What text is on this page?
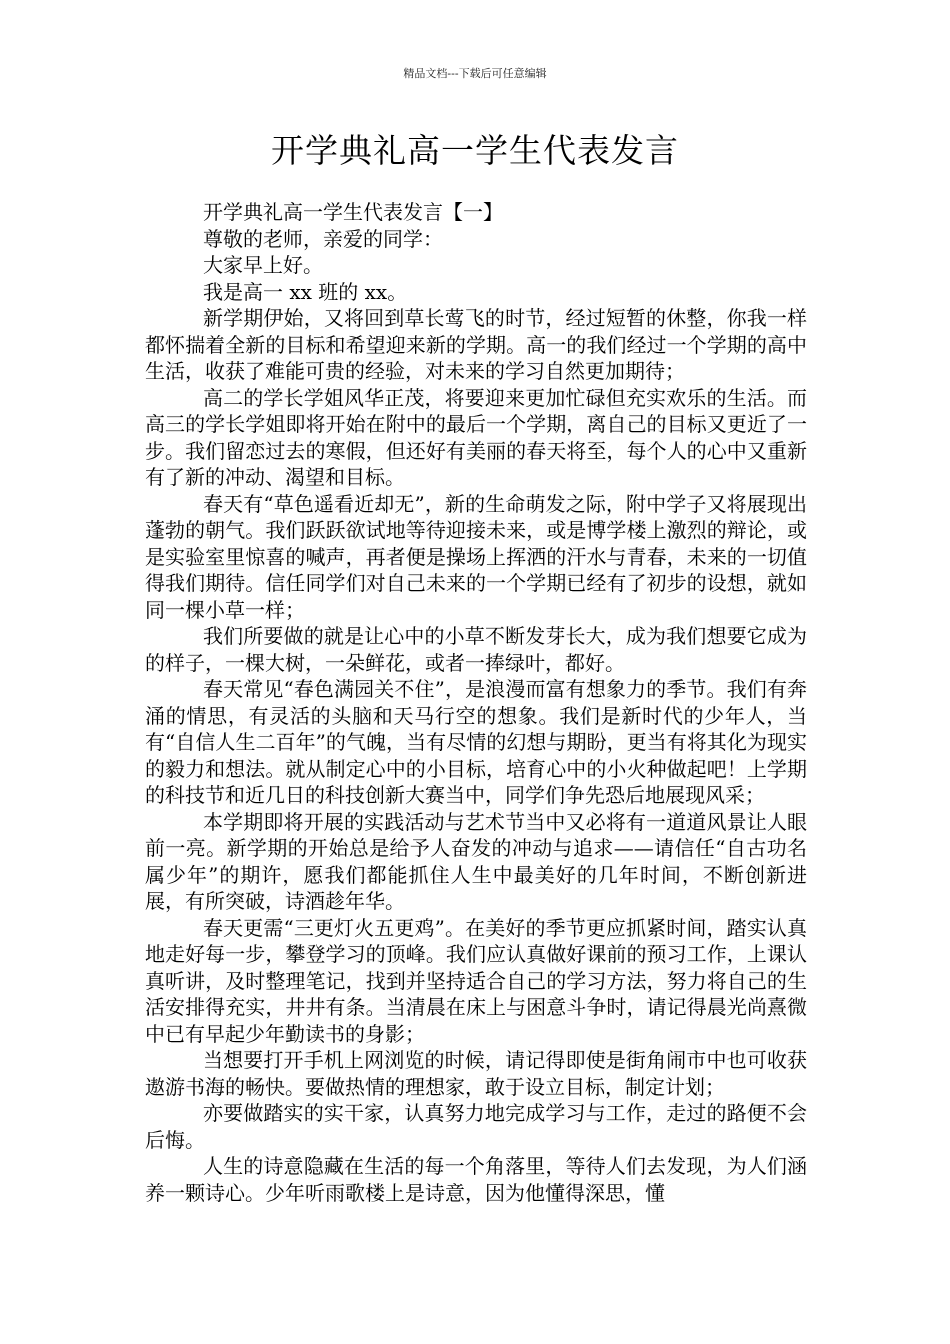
精品文档---下载后可任意编辑
开学典礼高一学生代表发言

开学典礼高一学生代表发言【一】

尊敬的老师，亲爱的同学：

大家早上好。

我是高一 xx 班的 xx。

新学期伊始，又将回到草长莺飞的时节，经过短暂的休整，你我一样都怀揣着全新的目标和希望迎来新的学期。高一的我们经过一个学期的高中生活，收获了难能可贵的经验，对未来的学习自然更加期待；

高二的学长学姐风华正茂，将要迎来更加忙碌但充实欢乐的生活。而高三的学长学姐即将开始在附中的最后一个学期，离自己的目标又更近了一步。我们留恋过去的寒假，但还好有美丽的春天将至，每个人的心中又重新有了新的冲动、渴望和目标。

春天有“草色遥看近却无”，新的生命萌发之际，附中学子又将展现出蓬勃的朝气。我们跃跃欲试地等待迎接未来，或是博学楼上激烈的辩论，或是实验室里惊喜的喊声，再者便是操场上挥洒的汗水与青春，未来的一切值得我们期待。信任同学们对自己未来的一个学期已经有了初步的设想，就如同一棵小草一样；

我们所要做的就是让心中的小草不断发芽长大，成为我们想要它成为的样子，一棵大树，一朵鲜花，或者一捧绿叶，都好。

春天常见“春色满园关不住”，是浪漫而富有想象力的季节。我们有奔涌的情思，有灵活的头脑和天马行空的想象。我们是新时代的少年人，当有“自信人生二百年”的气魄，当有尽情的幻想与期盼，更当有将其化为现实的毅力和想法。就从制定心中的小目标，培育心中的小火种做起吧！上学期的科技节和近几日的科技创新大赛当中，同学们争先恐后地展现风采；

本学期即将开展的实践活动与艺术节当中又必将有一道道风景让人眼前一亮。新学期的开始总是给予人奋发的冲动与追求——请信任“自古功名属少年”的期许，愿我们都能抓住人生中最美好的几年时间，不断创新进展，有所突破，诗酒趁年华。

春天更需“三更灯火五更鸡”。在美好的季节更应抓紧时间，踏实认真地走好每一步，攀登学习的顶峰。我们应认真做好课前的预习工作，上课认真听讲，及时整理笔记，找到并坚持适合自己的学习方法，努力将自己的生活安排得充实，井井有条。当清晨在床上与困意斗争时，请记得晨光尚熹微中已有早起少年勤读书的身影；

当想要打开手机上网浏览的时候，请记得即使是街角闹市中也可收获遨游书海的畅快。要做热情的理想家，敢于设立目标，制定计划；

亦要做踏实的实干家，认真努力地完成学习与工作，走过的路便不会后悔。

人生的诗意隐藏在生活的每一个角落里，等待人们去发现，为人们涵养一颗诗心。少年听雨歌楼上是诗意，因为他懂得深思，懂
